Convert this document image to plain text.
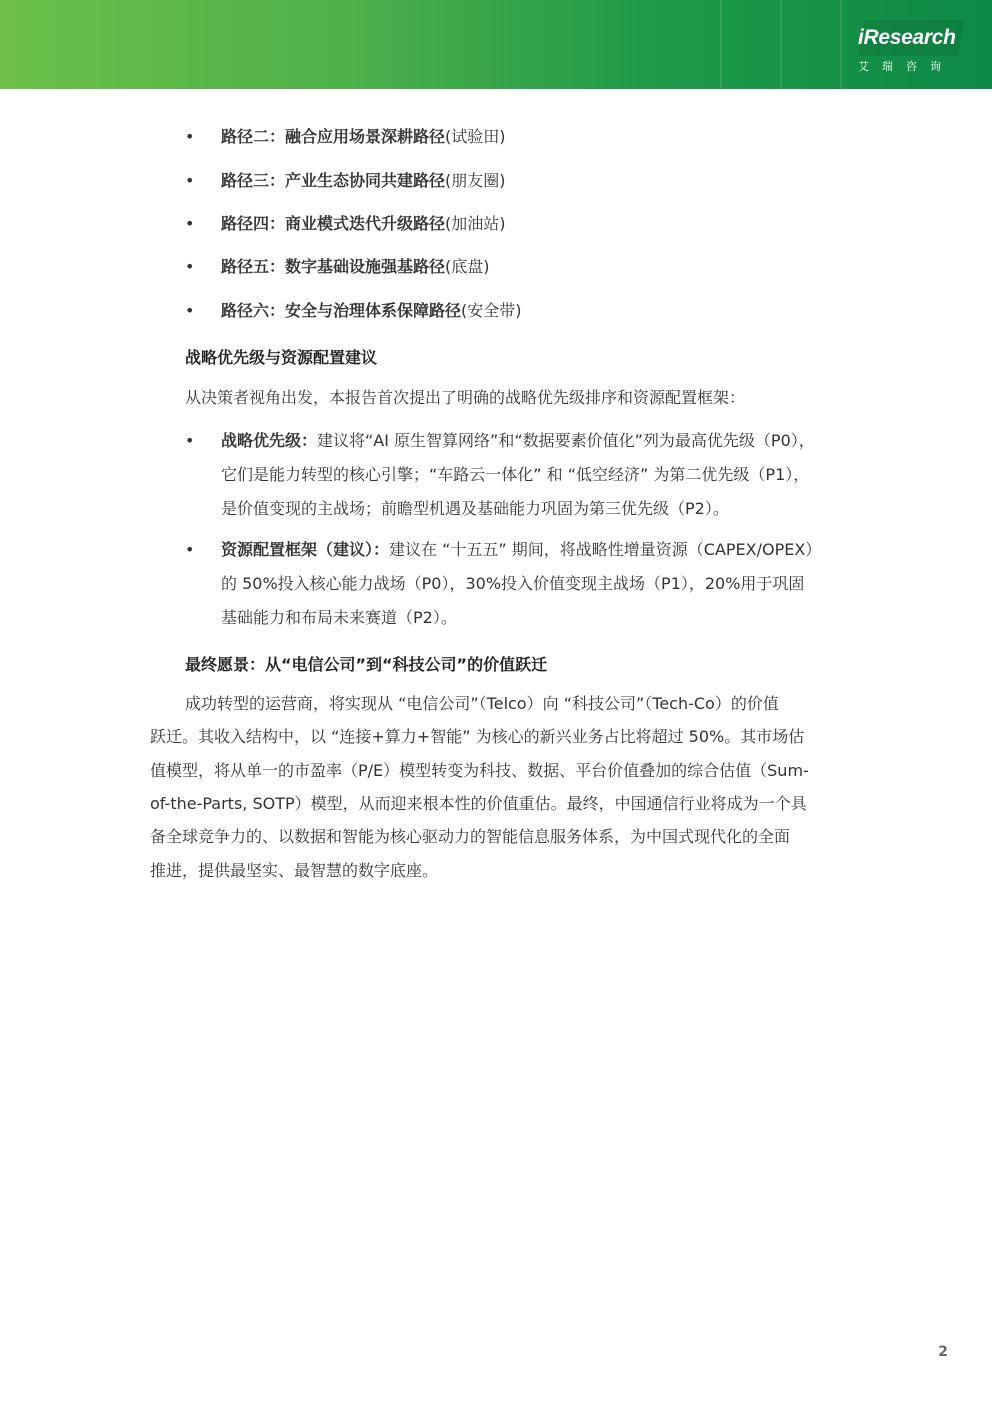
iResearch
艾瑞咨询
• 路径二：融合应用场景深耕路径(试验田)
• 路径三：产业生态协同共建路径(朋友圈)
• 路径四：商业模式迭代升级路径(加油站)
• 路径五：数字基础设施强基路径(底盘)
• 路径六：安全与治理体系保障路径(安全带)
战略优先级与资源配置建议
从决策者视角出发，本报告首次提出了明确的战略优先级排序和资源配置框架：
• 战略优先级：建议将“AI 原生智算网络”和“数据要素价值化”列为最高优先级（P0），
它们是能力转型的核心引擎；“车路云一体化” 和 “低空经济” 为第二优先级（P1），
是价值变现的主战场；前瞻型机遇及基础能力巩固为第三优先级（P2）。
• 资源配置框架（建议）：建议在 “十五五” 期间，将战略性增量资源（CAPEX/OPEX）
的 50%投入核心能力战场（P0），30%投入价值变现主战场（P1），20%用于巩固
基础能力和布局未来赛道（P2）。
最终愿景：从“电信公司”到“科技公司”的价值跃迁
成功转型的运营商，将实现从 “电信公司”（Telco）向 “科技公司”（Tech-Co）的价值
跃迁。其收入结构中，以 “连接+算力+智能” 为核心的新兴业务占比将超过 50%。其市场估
值模型，将从单一的市盈率（P/E）模型转变为科技、数据、平台价值叠加的综合估值（Sum-
of-the-Parts, SOTP）模型，从而迎来根本性的价值重估。最终，中国通信行业将成为一个具
备全球竞争力的、以数据和智能为核心驱动力的智能信息服务体系，为中国式现代化的全面
推进，提供最坚实、最智慧的数字底座。
2
